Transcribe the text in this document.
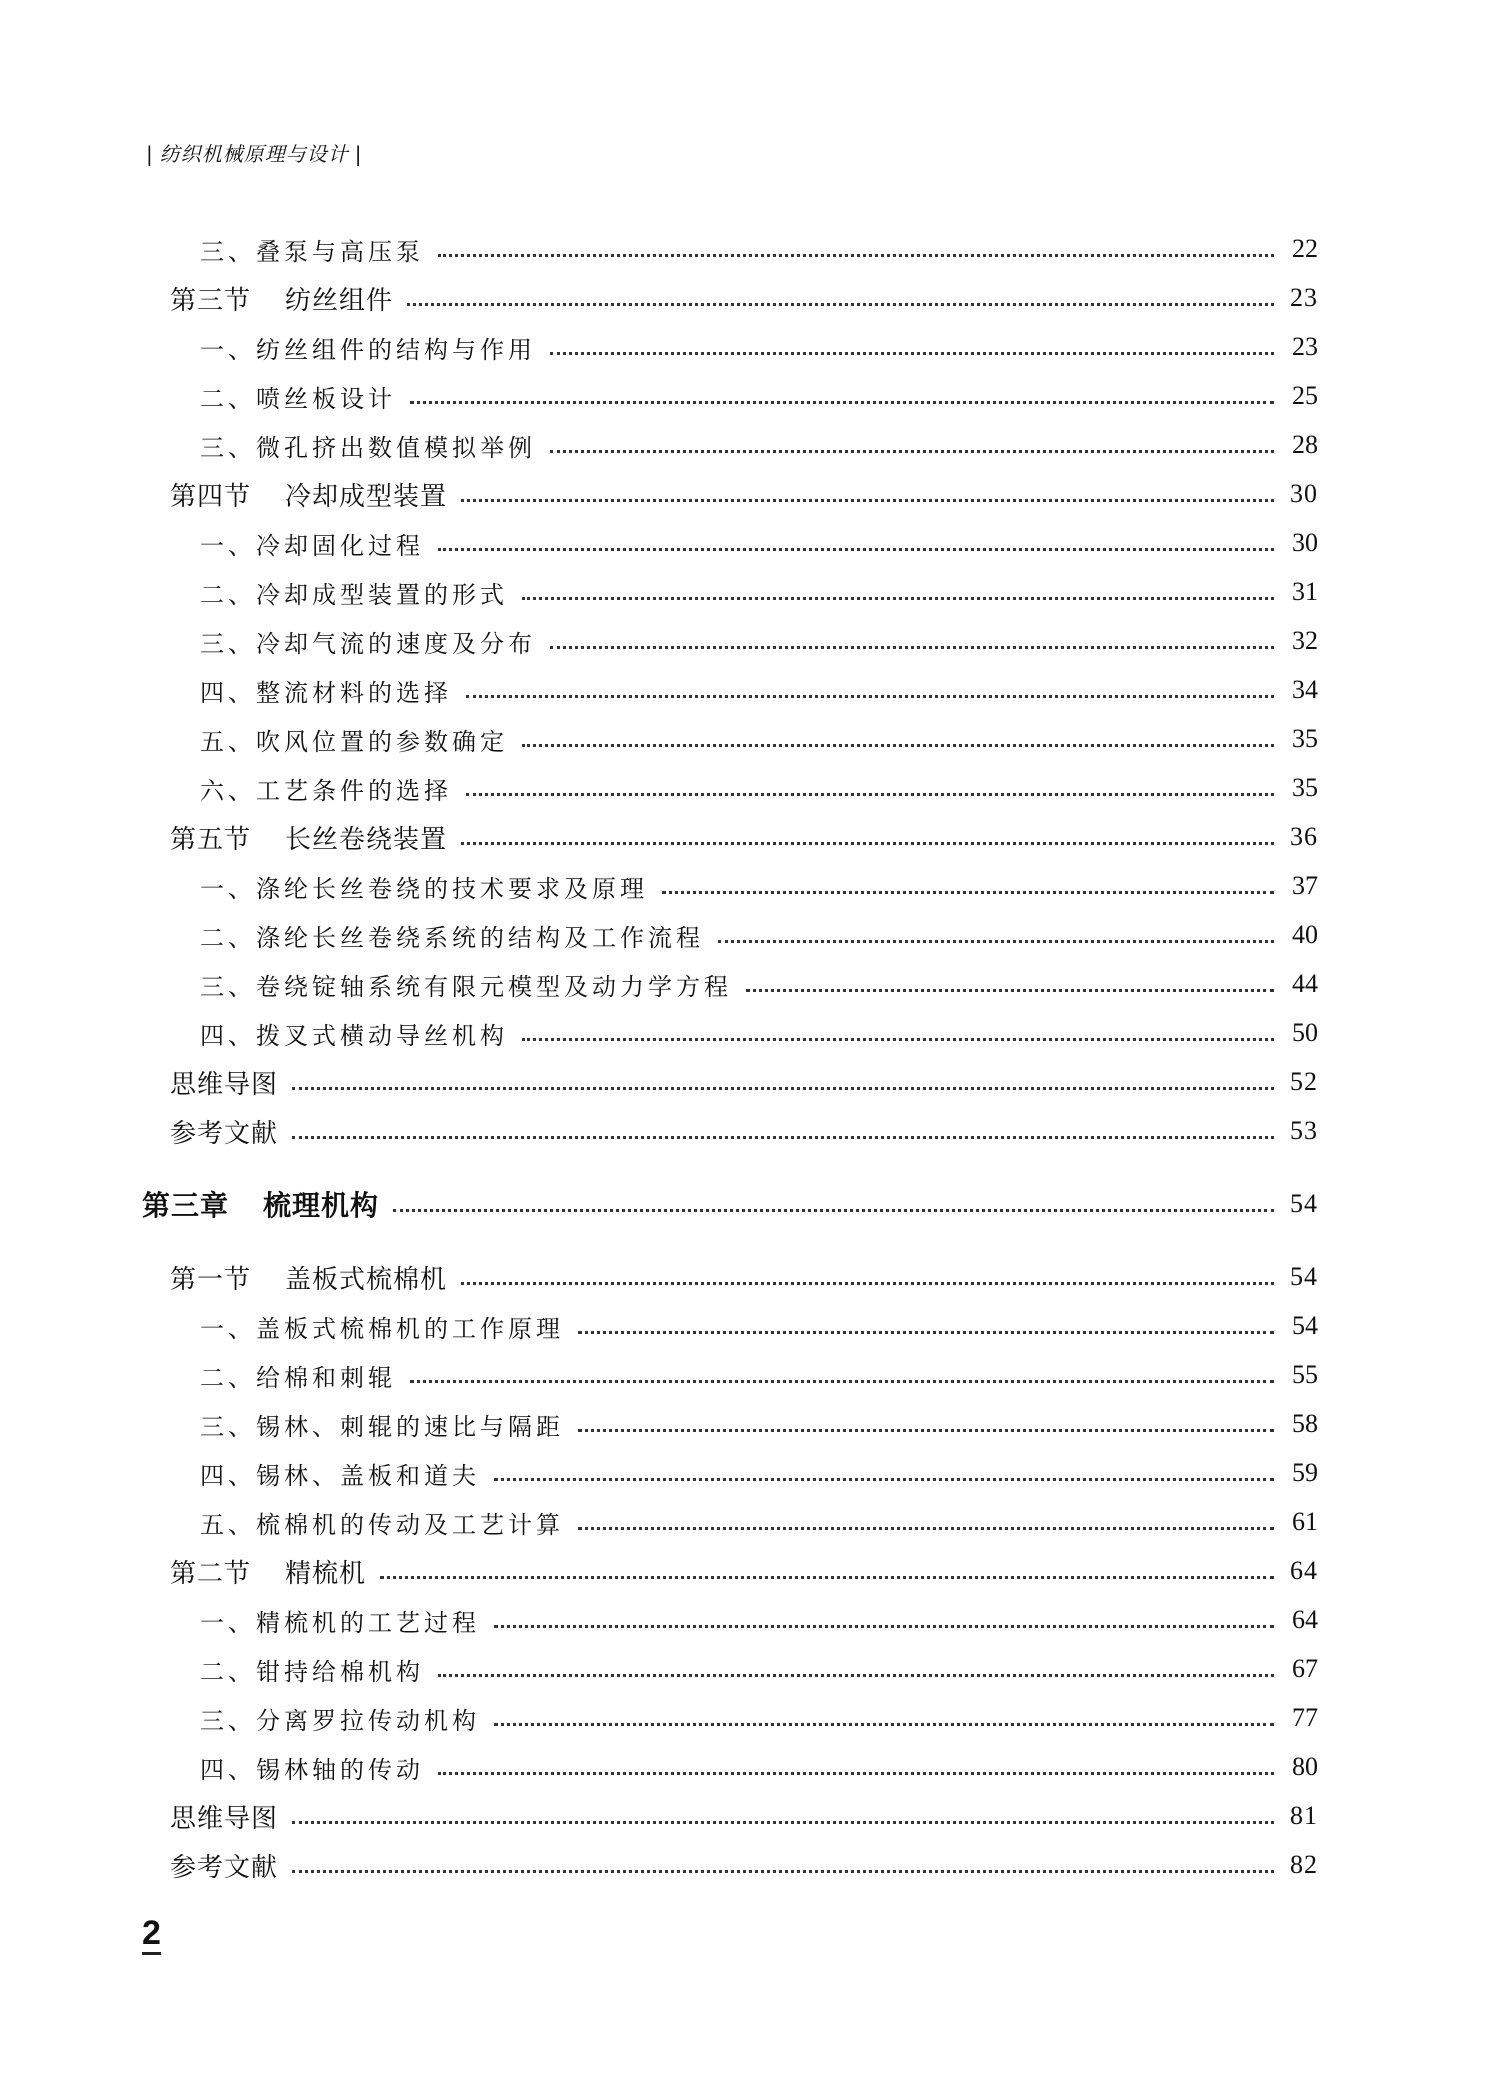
| 纺织机械原理与设计 |
三、叠泵与高压泵	22
第三节 纺丝组件	23
一、纺丝组件的结构与作用	23
二、喷丝板设计	25
三、微孔挤出数值模拟举例	28
第四节 冷却成型装置	30
一、冷却固化过程	30
二、冷却成型装置的形式	31
三、冷却气流的速度及分布	32
四、整流材料的选择	34
五、吹风位置的参数确定	35
六、工艺条件的选择	35
第五节 长丝卷绕装置	36
一、涤纶长丝卷绕的技术要求及原理	37
二、涤纶长丝卷绕系统的结构及工作流程	40
三、卷绕锭轴系统有限元模型及动力学方程	44
四、拨叉式横动导丝机构	50
思维导图	52
参考文献	53
第三章 梳理机构	54
第一节 盖板式梳棉机	54
一、盖板式梳棉机的工作原理	54
二、给棉和刺辊	55
三、锡林、刺辊的速比与隔距	58
四、锡林、盖板和道夫	59
五、梳棉机的传动及工艺计算	61
第二节 精梳机	64
一、精梳机的工艺过程	64
二、钳持给棉机构	67
三、分离罗拉传动机构	77
四、锡林轴的传动	80
思维导图	81
参考文献	82
2
